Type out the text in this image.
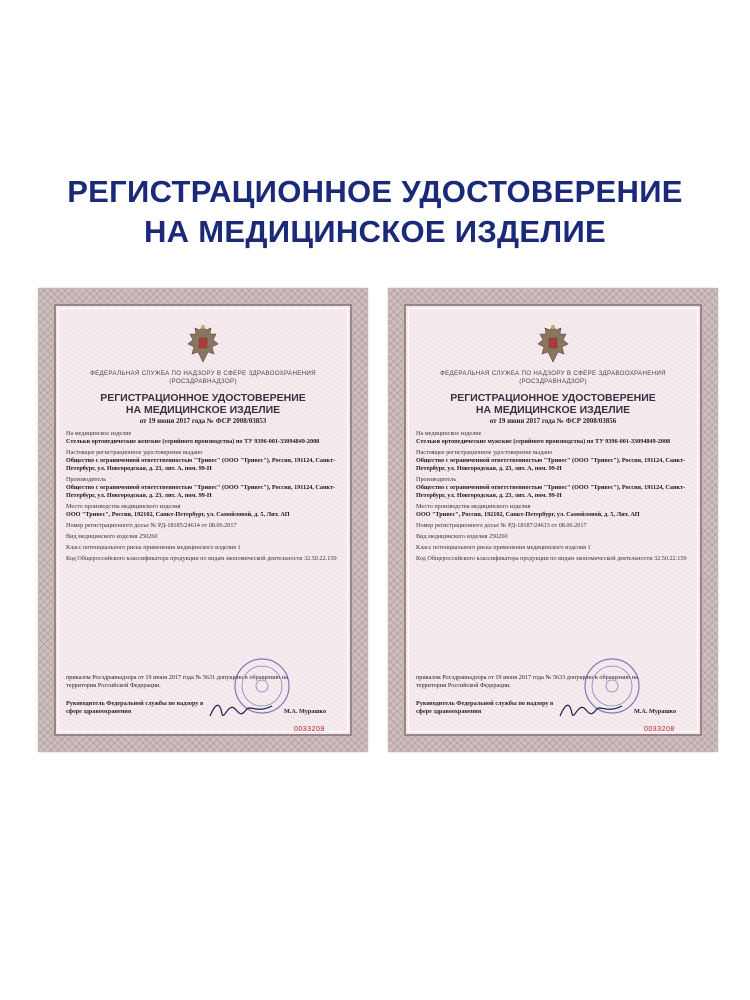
РЕГИСТРАЦИОННОЕ УДОСТОВЕРЕНИЕ
НА МЕДИЦИНСКОЕ ИЗДЕЛИЕ
ФЕДЕРАЛЬНАЯ СЛУЖБА ПО НАДЗОРУ В СФЕРЕ ЗДРАВООХРАНЕНИЯ (РОСЗДРАВНАДЗОР)
РЕГИСТРАЦИОННОЕ УДОСТОВЕРЕНИЕ
НА МЕДИЦИНСКОЕ ИЗДЕЛИЕ
от 19 июня 2017 года № ФСР 2008/03853
На медицинское изделие
Стельки ортопедические женские (серийного производства) по ТУ 9396-001-33094849-2008
Настоящее регистрационное удостоверение выдано
Общество с ограниченной ответственностью "Тривес" (ООО "Тривес"), Россия, 191124, Санкт-Петербург, ул. Новгородская, д. 23, лит. А, пом. 99-Н
Производитель
Общество с ограниченной ответственностью "Тривес" (ООО "Тривес"), Россия, 191124, Санкт-Петербург, ул. Новгородская, д. 23, лит. А, пом. 99-Н
Место производства медицинского изделия
ООО "Тривес", Россия, 192102, Санкт-Петербург, ул. Самойловой, д. 5, Лит. АП
Номер регистрационного досье № РД-18185/24614 от 08.06.2017
Вид медицинского изделия 250260
Класс потенциального риска применения медицинского изделия 1
Код Общероссийского классификатора продукции по видам экономической деятельности 32.50.22.150
приказом Росздравнадзора от 19 июня 2017 года № 5631 допущено к обращению на территории Российской Федерации.
Руководитель Федеральной службы по надзору в сфере здравоохранения	М.А. Мурашко
0033209
ФЕДЕРАЛЬНАЯ СЛУЖБА ПО НАДЗОРУ В СФЕРЕ ЗДРАВООХРАНЕНИЯ (РОСЗДРАВНАДЗОР)
РЕГИСТРАЦИОННОЕ УДОСТОВЕРЕНИЕ
НА МЕДИЦИНСКОЕ ИЗДЕЛИЕ
от 19 июня 2017 года № ФСР 2008/03856
На медицинское изделие
Стельки ортопедические мужские (серийного производства) по ТУ 9396-001-33094849-2008
Настоящее регистрационное удостоверение выдано
Общество с ограниченной ответственностью "Тривес" (ООО "Тривес"), Россия, 191124, Санкт-Петербург, ул. Новгородская, д. 23, лит. А, пом. 99-Н
Производитель
Общество с ограниченной ответственностью "Тривес" (ООО "Тривес"), Россия, 191124, Санкт-Петербург, ул. Новгородская, д. 23, лит. А, пом. 99-Н
Место производства медицинского изделия
ООО "Тривес", Россия, 192102, Санкт-Петербург, ул. Самойловой, д. 5, Лит. АП
Номер регистрационного досье № РД-18187/24613 от 08.06.2017
Вид медицинского изделия 250260
Класс потенциального риска применения медицинского изделия 1
Код Общероссийского классификатора продукции по видам экономической деятельности 32.50.22.150
приказом Росздравнадзора от 19 июня 2017 года № 5633 допущено к обращению на территории Российской Федерации.
Руководитель Федеральной службы по надзору в сфере здравоохранения	М.А. Мурашко
0033208
